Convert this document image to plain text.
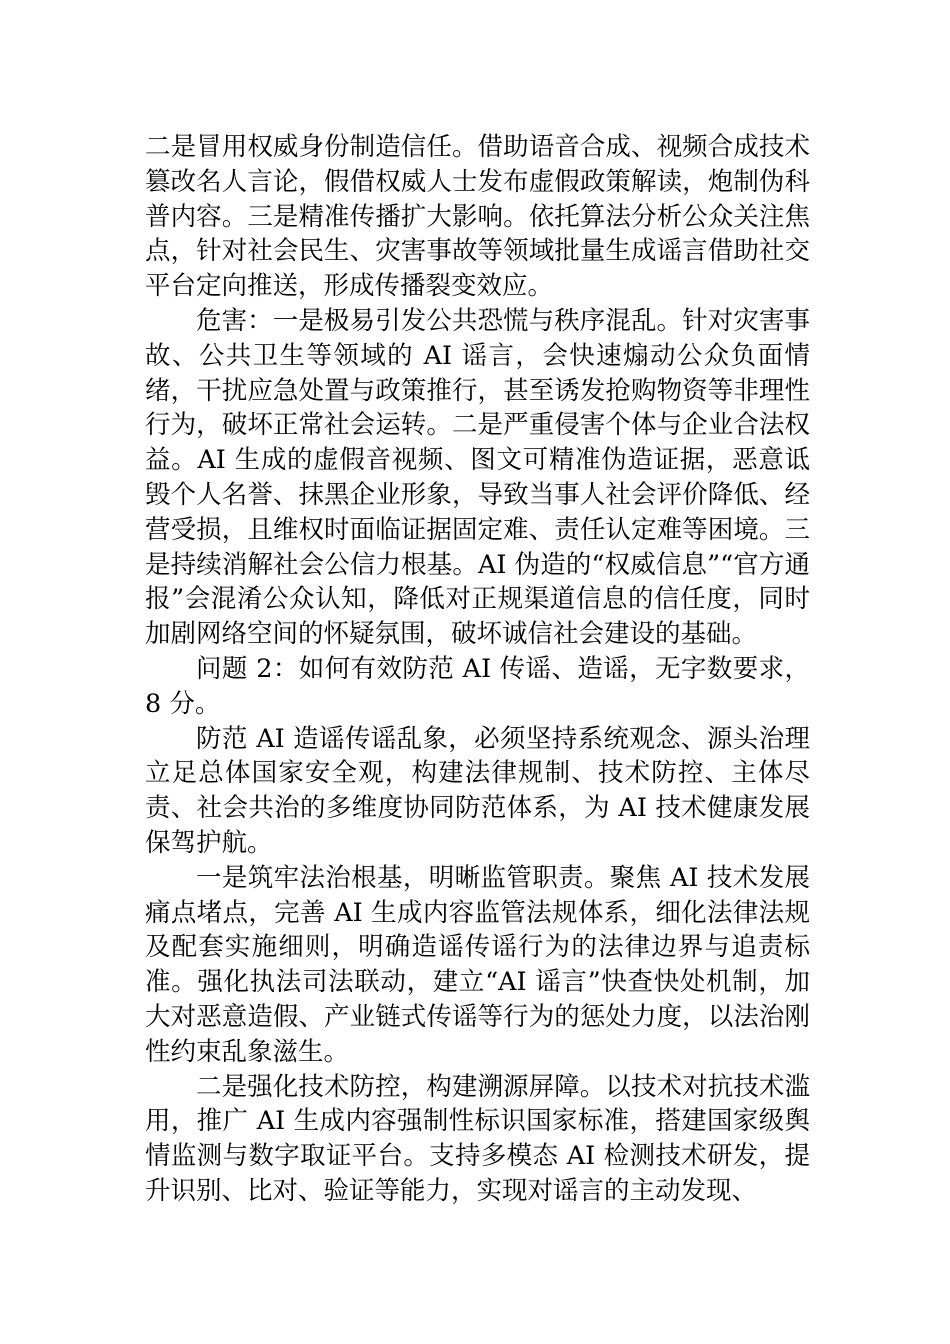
二是冒用权威身份制造信任。借助语音合成、视频合成技术篡改名人言论，假借权威人士发布虚假政策解读，炮制伪科普内容。三是精准传播扩大影响。依托算法分析公众关注焦点，针对社会民生、灾害事故等领域批量生成谣言借助社交平台定向推送，形成传播裂变效应。

危害：一是极易引发公共恐慌与秩序混乱。针对灾害事故、公共卫生等领域的 AI 谣言，会快速煽动公众负面情绪，干扰应急处置与政策推行，甚至诱发抢购物资等非理性行为，破坏正常社会运转。二是严重侵害个体与企业合法权益。AI 生成的虚假音视频、图文可精准伪造证据，恶意诋毁个人名誉、抹黑企业形象，导致当事人社会评价降低、经营受损，且维权时面临证据固定难、责任认定难等困境。三是持续消解社会公信力根基。AI 伪造的“权威信息”“官方通报”会混淆公众认知，降低对正规渠道信息的信任度，同时加剧网络空间的怀疑氛围，破坏诚信社会建设的基础。

问题 2：如何有效防范 AI 传谣、造谣，无字数要求，8 分。

防范 AI 造谣传谣乱象，必须坚持系统观念、源头治理立足总体国家安全观，构建法律规制、技术防控、主体尽责、社会共治的多维度协同防范体系，为 AI 技术健康发展保驾护航。

一是筑牢法治根基，明晰监管职责。聚焦 AI 技术发展痛点堵点，完善 AI 生成内容监管法规体系，细化法律法规及配套实施细则，明确造谣传谣行为的法律边界与追责标准。强化执法司法联动，建立“AI 谣言”快查快处机制，加大对恶意造假、产业链式传谣等行为的惩处力度，以法治刚性约束乱象滋生。

二是强化技术防控，构建溯源屏障。以技术对抗技术滥用，推广 AI 生成内容强制性标识国家标准，搭建国家级舆情监测与数字取证平台。支持多模态 AI 检测技术研发，提升识别、比对、验证等能力，实现对谣言的主动发现、
